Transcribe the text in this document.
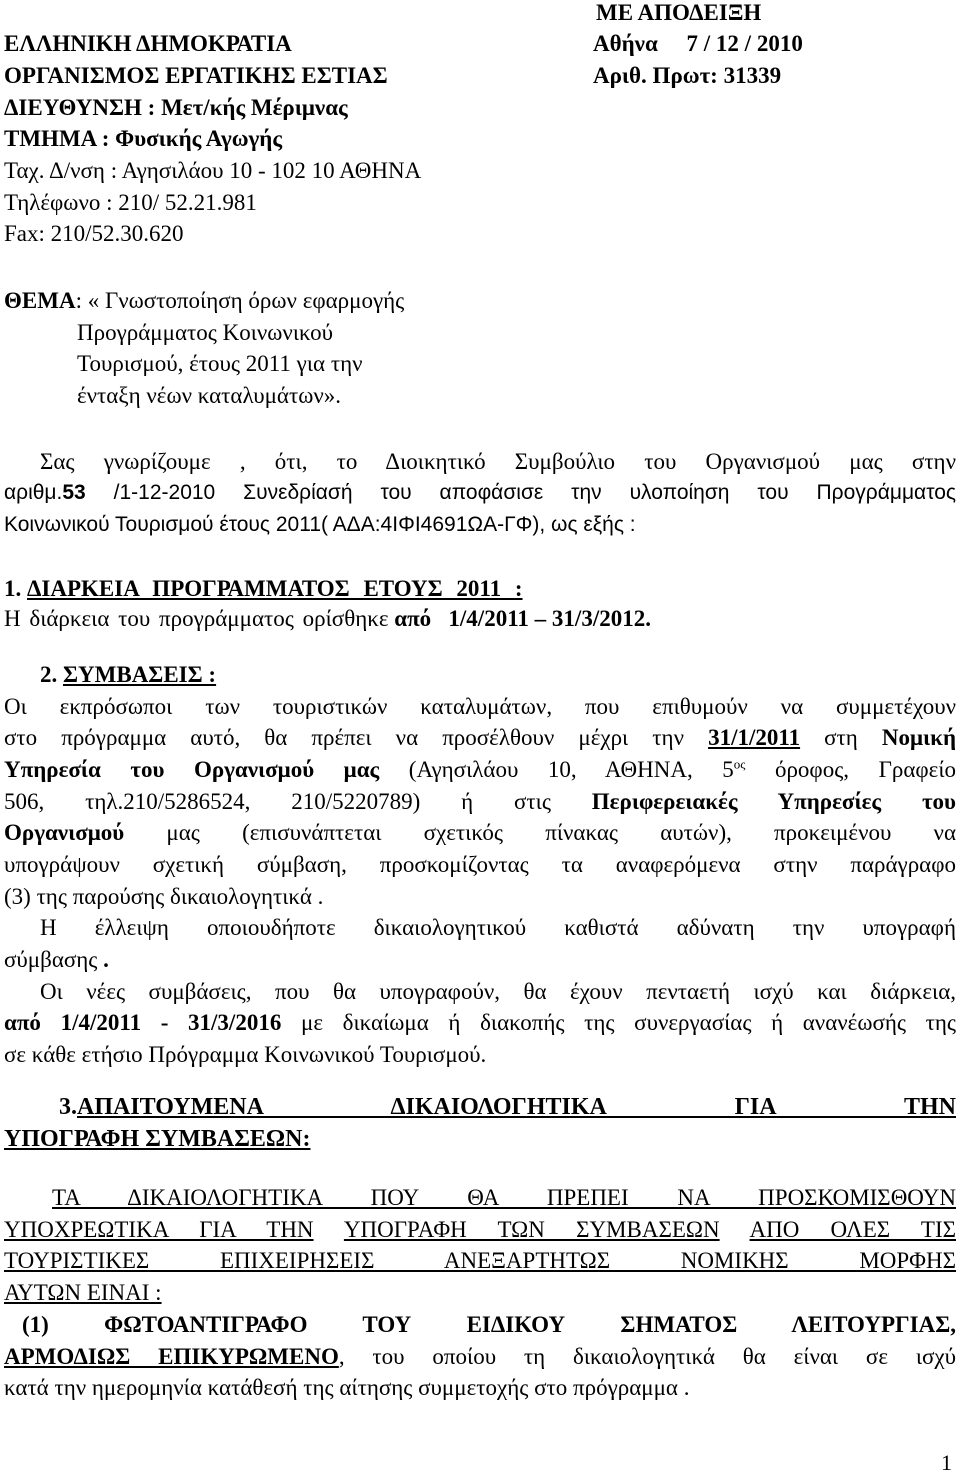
ΜΕ ΑΠΟΔΕΙΞΗ
ΕΛΛΗΝΙΚΗ ΔΗΜΟΚΡΑΤΙΑ	Αθήνα 7 / 12 / 2010
ΟΡΓΑΝΙΣΜΟΣ ΕΡΓΑΤΙΚΗΣ ΕΣΤΙΑΣ	Αριθ. Πρωτ: 31339
ΔΙΕΥΘΥΝΣΗ : Μετ/κής Μέριμνας
ΤΜΗΜΑ : Φυσικής Αγωγής
Ταχ. Δ/νση : Αγησιλάου 10 - 102 10 ΑΘΗΝΑ
Τηλέφωνο : 210/ 52.21.981
Fax: 210/52.30.620
ΘΕΜΑ: « Γνωστοποίηση όρων εφαρμογής
Προγράμματος Κοινωνικού
Τουρισμού, έτους 2011 για την
ένταξη νέων καταλυμάτων».
Σας γνωρίζουμε , ότι, το Διοικητικό Συμβούλιο του Οργανισμού μας στην
αριθμ.53 /1-12-2010 Συνεδρίασή του αποφάσισε την υλοποίηση του Προγράμματος
Κοινωνικού Τουρισμού έτους 2011( ΑΔΑ:4ΙΦΙ4691ΩΑ-ΓΦ), ως εξής :
1. ΔΙΑΡΚΕΙΑ ΠΡΟΓΡΑΜΜΑΤΟΣ ΕΤΟΥΣ 2011 :
Η διάρκεια του προγράμματος ορίσθηκε από 1/4/2011 – 31/3/2012.
2. ΣΥΜΒΑΣΕΙΣ :
Οι εκπρόσωποι των τουριστικών καταλυμάτων, που επιθυμούν να συμμετέχουν
στο πρόγραμμα αυτό, θα πρέπει να προσέλθουν μέχρι την 31/1/2011 στη Νομική
Υπηρεσία του Οργανισμού μας (Αγησιλάου 10, ΑΘΗΝΑ, $5^{o\varsigma}$ όροφος, Γραφείο
506, τηλ.210/5286524, 210/5220789) ή στις Περιφερειακές Υπηρεσίες του
Οργανισμού μας (επισυνάπτεται σχετικός πίνακας αυτών), προκειμένου να
υπογράψουν σχετική σύμβαση, προσκομίζοντας τα αναφερόμενα στην παράγραφο
(3) της παρούσης δικαιολογητικά .
Η έλλειψη οποιουδήποτε δικαιολογητικού καθιστά αδύνατη την υπογραφή
σύμβασης .
Οι νέες συμβάσεις, που θα υπογραφούν, θα έχουν πενταετή ισχύ και διάρκεια,
από 1/4/2011 - 31/3/2016 με δικαίωμα ή διακοπής της συνεργασίας ή ανανέωσής της
σε κάθε ετήσιο Πρόγραμμα Κοινωνικού Τουρισμού.
3.ΑΠΑΙΤΟΥΜΕΝΑ ΔΙΚΑΙΟΛΟΓΗΤΙΚΑ ΓΙΑ ΤΗΝ
ΥΠΟΓΡΑΦΗ ΣΥΜΒΑΣΕΩΝ:
ΤΑ ΔΙΚΑΙΟΛΟΓΗΤΙΚΑ ΠΟΥ ΘΑ ΠΡΕΠΕΙ ΝΑ ΠΡΟΣΚΟΜΙΣΘΟΥΝ
ΥΠΟΧΡΕΩΤΙΚΑ ΓΙΑ ΤΗΝ ΥΠΟΓΡΑΦΗ ΤΩΝ ΣΥΜΒΑΣΕΩΝ ΑΠΟ ΟΛΕΣ ΤΙΣ
ΤΟΥΡΙΣΤΙΚΕΣ ΕΠΙΧΕΙΡΗΣΕΙΣ ΑΝΕΞΑΡΤΗΤΩΣ ΝΟΜΙΚΗΣ ΜΟΡΦΗΣ
ΑΥΤΩΝ ΕΙΝΑΙ :
(1) ΦΩΤΟΑΝΤΙΓΡΑΦΟ ΤΟΥ ΕΙΔΙΚΟΥ ΣΗΜΑΤΟΣ ΛΕΙΤΟΥΡΓΙΑΣ,
ΑΡΜΟΔΙΩΣ ΕΠΙΚΥΡΩΜΕΝΟ, του οποίου τη δικαιολογητικά θα είναι σε ισχύ
κατά την ημερομηνία κατάθεσή της αίτησης συμμετοχής στο πρόγραμμα .
1
